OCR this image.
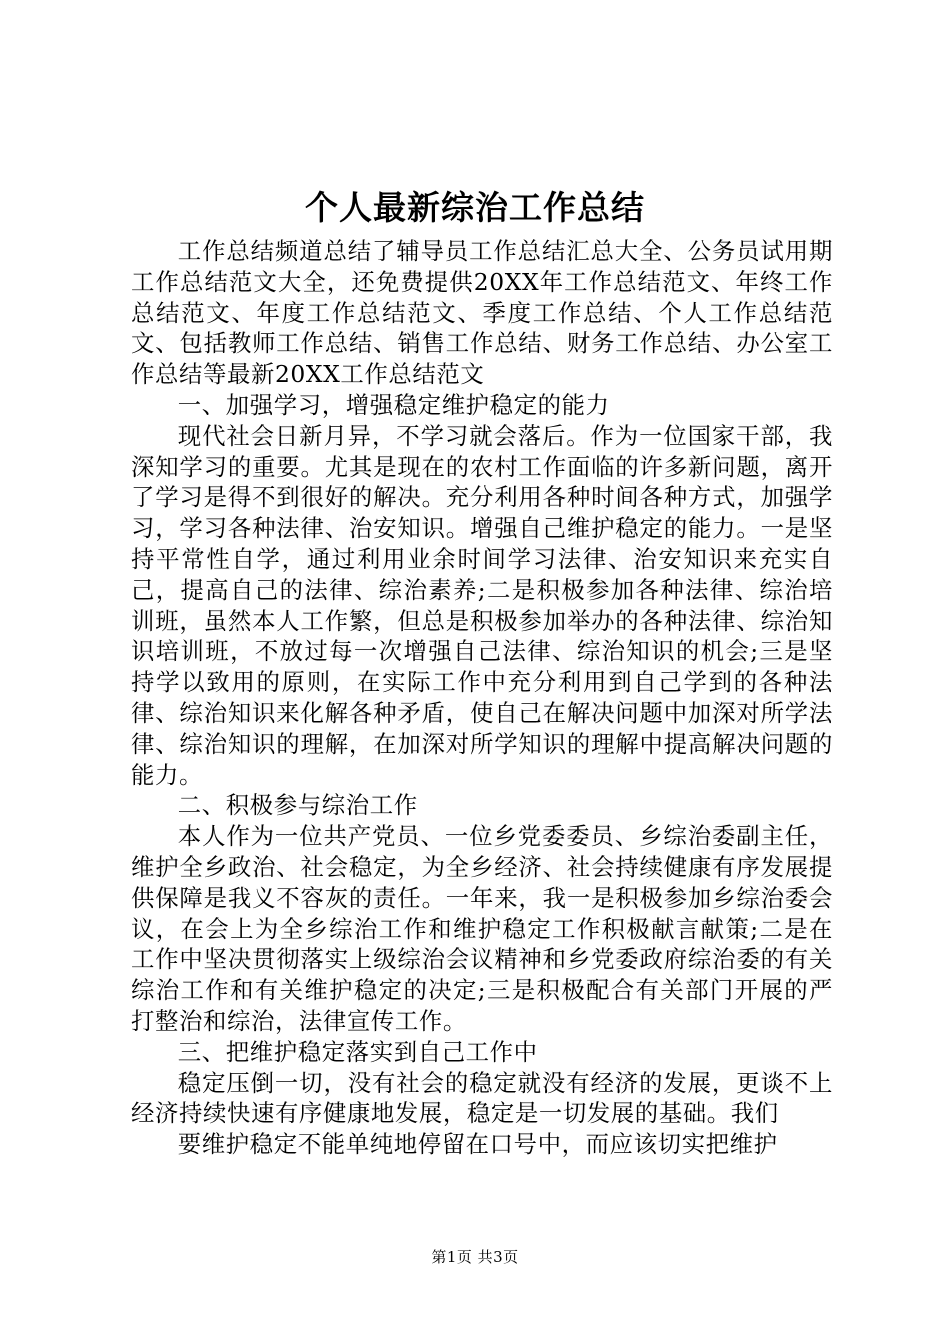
个人最新综治工作总结

工作总结频道总结了辅导员工作总结汇总大全、公务员试用期工作总结范文大全，还免费提供20XX年工作总结范文、年终工作总结范文、年度工作总结范文、季度工作总结、个人工作总结范文、包括教师工作总结、销售工作总结、财务工作总结、办公室工作总结等最新20XX工作总结范文

一、加强学习，增强稳定维护稳定的能力

现代社会日新月异，不学习就会落后。作为一位国家干部，我深知学习的重要。尤其是现在的农村工作面临的许多新问题，离开了学习是得不到很好的解决。充分利用各种时间各种方式，加强学习，学习各种法律、治安知识。增强自己维护稳定的能力。一是坚持平常性自学，通过利用业余时间学习法律、治安知识来充实自己，提高自己的法律、综治素养;二是积极参加各种法律、综治培训班，虽然本人工作繁，但总是积极参加举办的各种法律、综治知识培训班，不放过每一次增强自己法律、综治知识的机会;三是坚持学以致用的原则，在实际工作中充分利用到自己学到的各种法律、综治知识来化解各种矛盾，使自己在解决问题中加深对所学法律、综治知识的理解，在加深对所学知识的理解中提高解决问题的能力。

二、积极参与综治工作

本人作为一位共产党员、一位乡党委委员、乡综治委副主任，维护全乡政治、社会稳定，为全乡经济、社会持续健康有序发展提供保障是我义不容灰的责任。一年来，我一是积极参加乡综治委会议，在会上为全乡综治工作和维护稳定工作积极献言献策;二是在工作中坚决贯彻落实上级综治会议精神和乡党委政府综治委的有关综治工作和有关维护稳定的决定;三是积极配合有关部门开展的严打整治和综治，法律宣传工作。

三、把维护稳定落实到自己工作中

稳定压倒一切，没有社会的稳定就没有经济的发展，更谈不上经济持续快速有序健康地发展，稳定是一切发展的基础。我们

要维护稳定不能单纯地停留在口号中，而应该切实把维护

第1页 共3页
